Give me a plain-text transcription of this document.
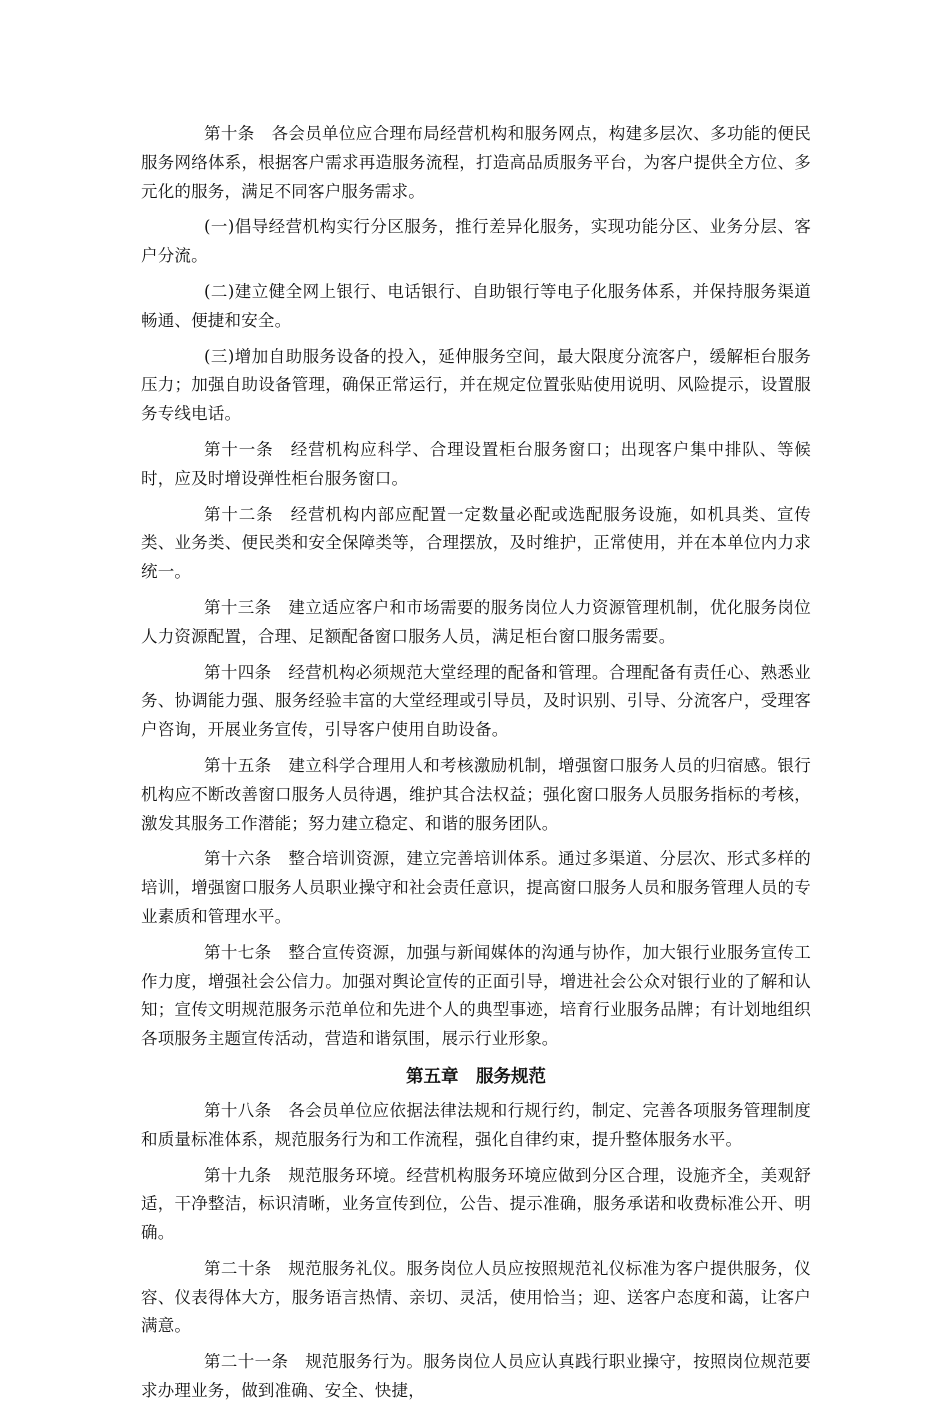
第十条　各会员单位应合理布局经营机构和服务网点，构建多层次、多功能的便民服务网络体系，根据客户需求再造服务流程，打造高品质服务平台，为客户提供全方位、多元化的服务，满足不同客户服务需求。

(一)倡导经营机构实行分区服务，推行差异化服务，实现功能分区、业务分层、客户分流。

(二)建立健全网上银行、电话银行、自助银行等电子化服务体系，并保持服务渠道畅通、便捷和安全。

(三)增加自助服务设备的投入，延伸服务空间，最大限度分流客户，缓解柜台服务压力；加强自助设备管理，确保正常运行，并在规定位置张贴使用说明、风险提示，设置服务专线电话。

第十一条　经营机构应科学、合理设置柜台服务窗口；出现客户集中排队、等候时，应及时增设弹性柜台服务窗口。

第十二条　经营机构内部应配置一定数量必配或选配服务设施，如机具类、宣传类、业务类、便民类和安全保障类等，合理摆放，及时维护，正常使用，并在本单位内力求统一。

第十三条　建立适应客户和市场需要的服务岗位人力资源管理机制，优化服务岗位人力资源配置，合理、足额配备窗口服务人员，满足柜台窗口服务需要。

第十四条　经营机构必须规范大堂经理的配备和管理。合理配备有责任心、熟悉业务、协调能力强、服务经验丰富的大堂经理或引导员，及时识别、引导、分流客户，受理客户咨询，开展业务宣传，引导客户使用自助设备。

第十五条　建立科学合理用人和考核激励机制，增强窗口服务人员的归宿感。银行机构应不断改善窗口服务人员待遇，维护其合法权益；强化窗口服务人员服务指标的考核，激发其服务工作潜能；努力建立稳定、和谐的服务团队。

第十六条　整合培训资源，建立完善培训体系。通过多渠道、分层次、形式多样的培训，增强窗口服务人员职业操守和社会责任意识，提高窗口服务人员和服务管理人员的专业素质和管理水平。

第十七条　整合宣传资源，加强与新闻媒体的沟通与协作，加大银行业服务宣传工作力度，增强社会公信力。加强对舆论宣传的正面引导，增进社会公众对银行业的了解和认知；宣传文明规范服务示范单位和先进个人的典型事迹，培育行业服务品牌；有计划地组织各项服务主题宣传活动，营造和谐氛围，展示行业形象。

第五章　服务规范

第十八条　各会员单位应依据法律法规和行规行约，制定、完善各项服务管理制度和质量标准体系，规范服务行为和工作流程，强化自律约束，提升整体服务水平。

第十九条　规范服务环境。经营机构服务环境应做到分区合理，设施齐全，美观舒适，干净整洁，标识清晰，业务宣传到位，公告、提示准确，服务承诺和收费标准公开、明确。

第二十条　规范服务礼仪。服务岗位人员应按照规范礼仪标准为客户提供服务，仪容、仪表得体大方，服务语言热情、亲切、灵活，使用恰当；迎、送客户态度和蔼，让客户满意。

第二十一条　规范服务行为。服务岗位人员应认真践行职业操守，按照岗位规范要求办理业务，做到准确、安全、快捷，
